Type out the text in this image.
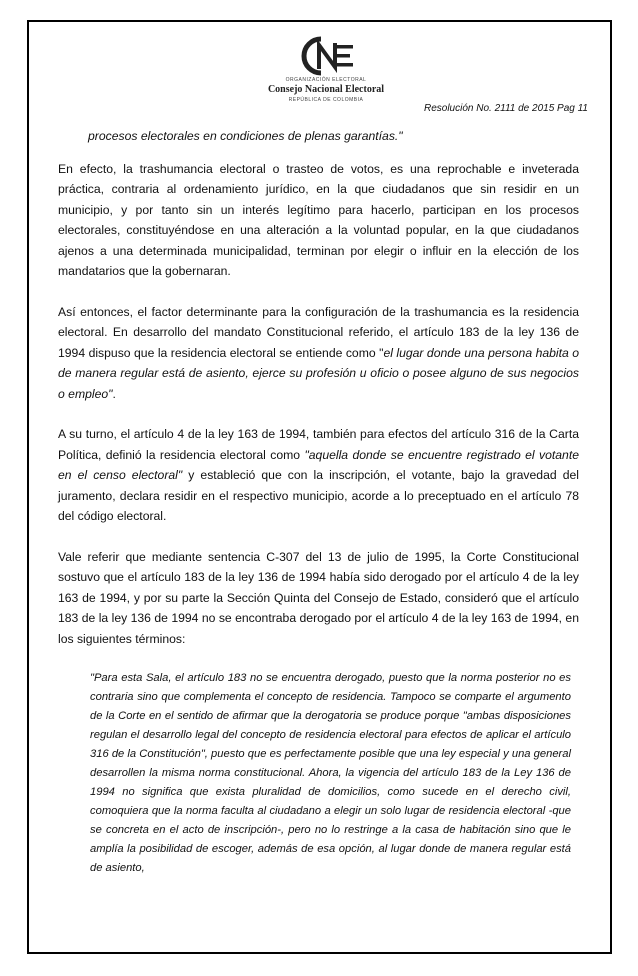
ORGANIZACIÓN ELECTORAL
Consejo Nacional Electoral
REPÚBLICA DE COLOMBIA
Resolución No. 2111 de 2015 Pag 11

procesos electorales en condiciones de plenas garantías."

En efecto, la trashumancia electoral o trasteo de votos, es una reprochable e inveterada práctica, contraria al ordenamiento jurídico, en la que ciudadanos que sin residir en un municipio, y por tanto sin un interés legítimo para hacerlo, participan en los procesos electorales, constituyéndose en una alteración a la voluntad popular, en la que ciudadanos ajenos a una determinada municipalidad, terminan por elegir o influir en la elección de los mandatarios que la gobernaran.

Así entonces, el factor determinante para la configuración de la trashumancia es la residencia electoral. En desarrollo del mandato Constitucional referido, el artículo 183 de la ley 136 de 1994 dispuso que la residencia electoral se entiende como "el lugar donde una persona habita o de manera regular está de asiento, ejerce su profesión u oficio o posee alguno de sus negocios o empleo".

A su turno, el artículo 4 de la ley 163 de 1994, también para efectos del artículo 316 de la Carta Política, definió la residencia electoral como "aquella donde se encuentre registrado el votante en el censo electoral" y estableció que con la inscripción, el votante, bajo la gravedad del juramento, declara residir en el respectivo municipio, acorde a lo preceptuado en el artículo 78 del código electoral.

Vale referir que mediante sentencia C-307 del 13 de julio de 1995, la Corte Constitucional sostuvo que el artículo 183 de la ley 136 de 1994 había sido derogado por el artículo 4 de la ley 163 de 1994, y por su parte la Sección Quinta del Consejo de Estado, consideró que el artículo 183 de la ley 136 de 1994 no se encontraba derogado por el artículo 4 de la ley 163 de 1994, en los siguientes términos:

"Para esta Sala, el artículo 183 no se encuentra derogado, puesto que la norma posterior no es contraria sino que complementa el concepto de residencia. Tampoco se comparte el argumento de la Corte en el sentido de afirmar que la derogatoria se produce porque "ambas disposiciones regulan el desarrollo legal del concepto de residencia electoral para efectos de aplicar el artículo 316 de la Constitución", puesto que es perfectamente posible que una ley especial y una general desarrollen la misma norma constitucional. Ahora, la vigencia del artículo 183 de la Ley 136 de 1994 no significa que exista pluralidad de domicilios, como sucede en el derecho civil, comoquiera que la norma faculta al ciudadano a elegir un solo lugar de residencia electoral -que se concreta en el acto de inscripción-, pero no lo restringe a la casa de habitación sino que le amplía la posibilidad de escoger, además de esa opción, al lugar donde de manera regular está de asiento,
